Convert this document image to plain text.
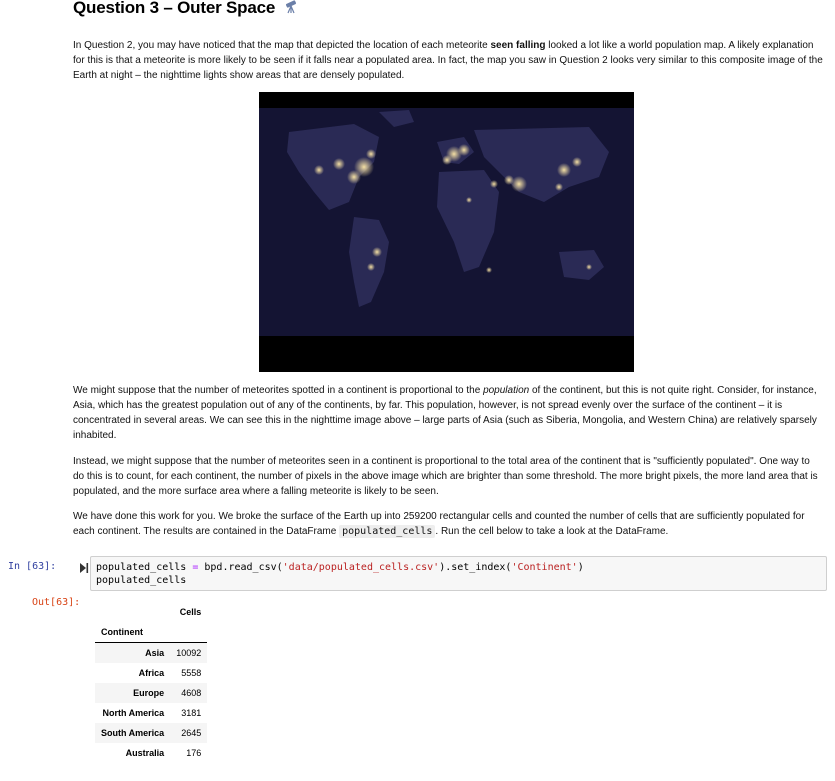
Question 3 – Outer Space
In Question 2, you may have noticed that the map that depicted the location of each meteorite seen falling looked a lot like a world population map. A likely explanation for this is that a meteorite is more likely to be seen if it falls near a populated area. In fact, the map you saw in Question 2 looks very similar to this composite image of the Earth at night – the nighttime lights show areas that are densely populated.
We might suppose that the number of meteorites spotted in a continent is proportional to the population of the continent, but this is not quite right. Consider, for instance, Asia, which has the greatest population out of any of the continents, by far. This population, however, is not spread evenly over the surface of the continent – it is concentrated in several areas. We can see this in the nighttime image above – large parts of Asia (such as Siberia, Mongolia, and Western China) are relatively sparsely inhabited.
Instead, we might suppose that the number of meteorites seen in a continent is proportional to the total area of the continent that is "sufficiently populated". One way to do this is to count, for each continent, the number of pixels in the above image which are brighter than some threshold. The more bright pixels, the more land area that is populated, and the more surface area where a falling meteorite is likely to be seen.
We have done this work for you. We broke the surface of the Earth up into 259200 rectangular cells and counted the number of cells that are sufficiently populated for each continent. The results are contained in the DataFrame populated_cells . Run the cell below to take a look at the DataFrame.
In [63]:	populated_cells = bpd.read_csv('data/populated_cells.csv').set_index('Continent')
populated_cells
Out[63]:
	Cells
Continent	
Asia	10092
Africa	5558
Europe	4608
North America	3181
South America	2645
Australia	176
